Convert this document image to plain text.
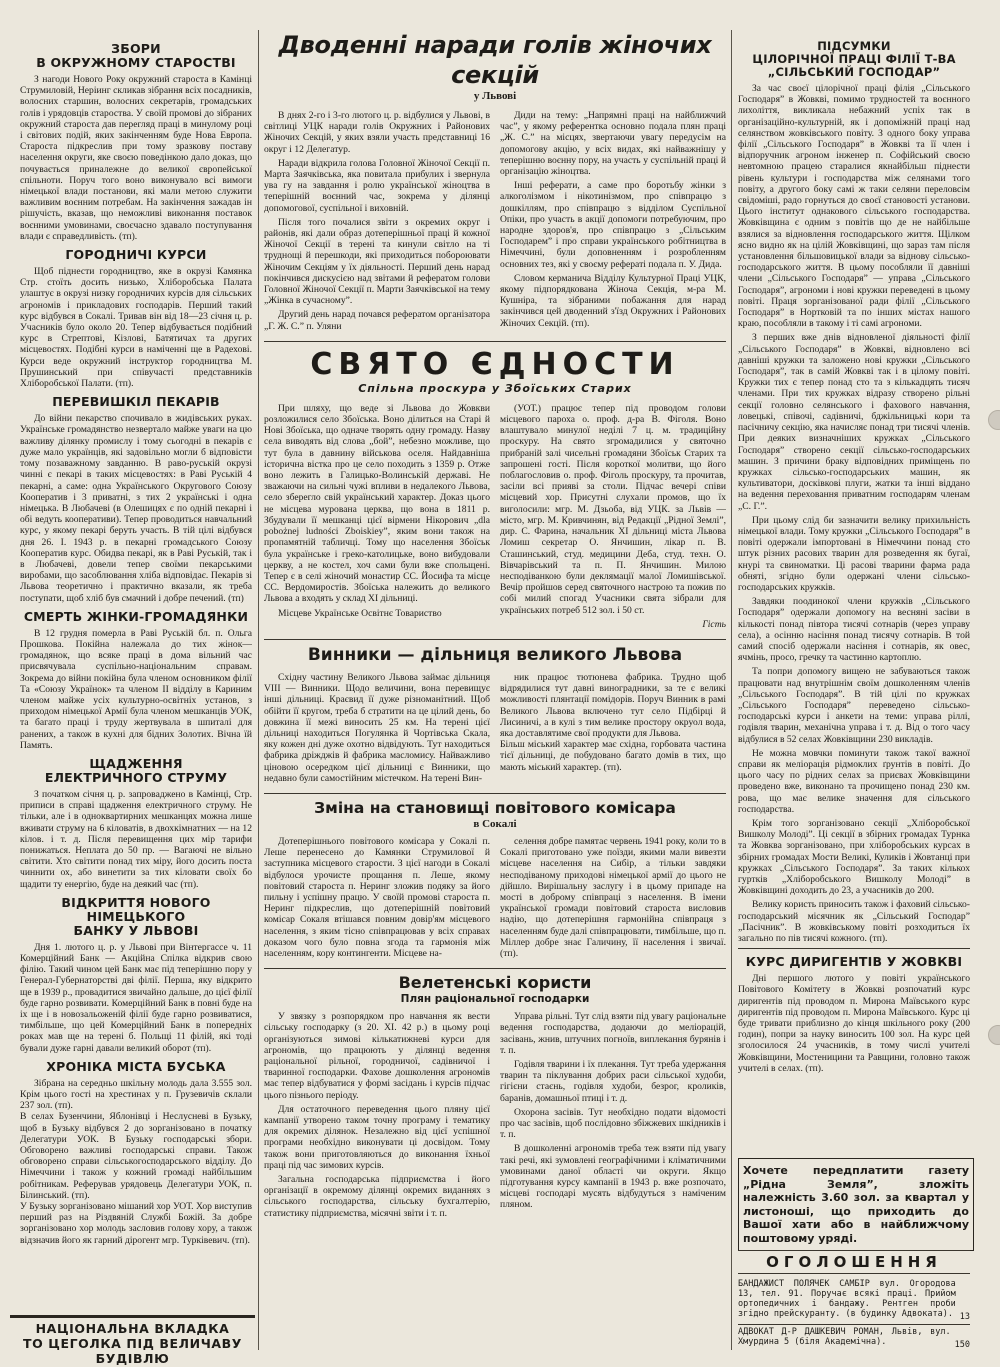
ЗБОРИ
В ОКРУЖНОМУ СТАРОСТВІ

З нагоди Нового Року окружний староста в Камінці Струмиловій, Неріинг скликав зібрання всіх посадників, волосних старшин, волосних секретарів, громадських голів і урядовців староства. У своїй промові до зібраних окружний староста дав перегляд праці в минулому році і світових подій, яких закінченням буде Нова Европа. Староста підкреслив при тому зразкову поставу населення округи, яке своєю поведінкою дало доказ, що почувається приналежне до великої європейської спільноти. Поруч того воно виконувало всі вимоги німецької влади постанови, які мали метою служити важливим воєнним потребам. На закінчення зажадав ін рішучість, вказав, що неможливі виконання поставок воєнними умовинами, своєчасно здавало поступування влади є справедливість. (тп).

ГОРОДНИЧІ КУРСИ

Щоб піднести городництво, яке в окрузі Камянка Стр. стоїть досить низько, Хліборобська Палата улаштує в окрузі низку городничих курсів для сільських агрономів і прикладових господарів. Перший такий курс відбувся в Сокалі. Тривав він від 18—23 січня ц. р. Учасників було около 20. Тепер відбувається подібний курс в Стрептові, Кізлові, Батятичах та других місцевостях. Подібні курси в наміченні ще в Радехові. Курси веде окружний інструктор городництва М. Прушинський при співучасті представників Хліборобської Палати. (тп).

ПЕРЕВИШКІЛ ПЕКАРІВ

До війни пекарство спочивало в жидівських руках. Українське громадянство незвертало майже уваги на цю важливу ділянку промислу і тому сьогодні в пекарів є дуже мало українців, які задовільно могли б відповісти тому позаважному завданню. В раво-руській окрузі чинні є пекарі в таких місцевостях: в Раві Руській 4 пекарні, а саме: одна Українського Округового Союзу Кооператив і 3 приватні, з тих 2 українські і одна німецька. В Любачеві (в Олешицях є по одній пекарні і обі ведуть кооперативи). Тепер проводиться навчальний курс, у якому пекарі беруть участь. В тій цілі відбувся дня 26. І. 1943 р. в пекарні громадського Союзу Кооператив курс. Обидва пекарі, як в Раві Руській, так і в Любачеві, довели тепер своїми пекарськими виробами, що засоблювання хліба відповідає. Пекарів зі Львова теоретично і практично вказали, як треба поступати, щоб хліб був смачний і добре печений. (тп)

СМЕРТЬ ЖІНКИ-ГРОМАДЯНКИ

В 12 грудня померла в Раві Руській бл. п. Ольга Прошкова. Покійна належала до тих жінок—громадянок, що всяке праці в дома вільний час присвячувала суспільно-національним справам. Зокрема до війни покійна була членом основником філії Та «Союзу Українок» та членом ІІ відділу в Кариним членом майже усіх культурно-освітніх установ, з приходом німецької Армії була членом мешканців УОК, та багато праці і труду жертвувала в шпиталі для ранених, а також в кухні для бідних Золотих. Вічна їй Память.

ЩАДЖЕННЯ
ЕЛЕКТРИЧНОГО СТРУМУ

З початком січня ц. р. запроваджено в Камінці, Стр. приписи в справі щадження електричного струму. Не тільки, але і в одноквартирних мешканцях можна лише вживати струму на 6 кіловатів, в двохкімнатних — на 12 кілов. і т. д. Після перевищення цих мір тарифи понижаться. Неплата до 50 пр. — Вагаючі не вільно світити. Хто світити понад тих міру, його досить поста чиннити ох, або винетити за тих кіловати своїх бо щадити ту енергію, буде на деякий час (тп).

ВІДКРИТТЯ НОВОГО НІМЕЦЬКОГО
БАНКУ У ЛЬВОВІ

Дня 1. лютого ц. р. у Львові при Вінтергассе ч. 11 Комерційний Банк — Акційна Спілка відкрив свою філію. Такий чином цей Банк має під теперішню пору у Генерал-Губернаторстві дві філії. Перша, яку відкрито ще в 1939 р., провадитися звичайно дальше, до цієї філії буде гарно розвивати. Комерційний Банк в повні буде на іх ще і в новозальоженій філії буде гарно розвиватися, тимбільше, що цей Комерційний Банк в попередніх роках мав ще на терені б. Польщі 11 філій, які тоді бували дуже гарні давали великий оборот (тп).

ХРОНІКА МІСТА БУСЬКА

Зібрана на середньо шкільну молодь дала 3.555 зол. Крім цього гості на хрестинах у п. Грузевичів склали 237 зол. (тп).
В селах Бузенчини, Яблонівці і Неслусневі в Бузьку, щоб в Бузьку відбувся 2 до зорганізовано в початку Делегатури УОК. В Бузьку господарські збори. Обговорено важливі господарські справи. Також обговорено справи сільськогосподарського відділу. До Німеччини і також у кожний громаді найбільшим робітникам. Реферував урядовець Делегатури УОК, п. Білинський. (тп).
У Бузьку зорганізовано мішаний хор УОТ. Хор виступив перший раз на Різдвяній Службі Божій. За добре зорганізовано хор молодь засловив голову хору, а також відзначив його як гарний дірогент мгр. Турківевич. (тп).

НАЦІОНАЛЬНА ВКЛАДКА
ТО ЦЕГОЛКА ПІД ВЕЛИЧАВУ БУДІВЛЮ
Дводенні наради голів жіночих секцій
у Львові

В днях 2-го і 3-го лютого ц. р. відбулися у Львові, в світлиці УЦК наради голів Окружних і Районових Жіночих Секцій, у яких взяли участь представниці 16 округ і 12 Делегатур.

Наради відкрила голова Головної Жіночої Секції п. Марта Заячківська, яка повитала прибулих і звернула ува гу на завдання і ролю української жіноцтва в теперішній воєнний час, зокрема у ділянці допомогової, суспільної і виховній.

Після того почалися звіти з окремих округ і районів, які дали образ дотеперішньої праці й кожної Жіночої Секції в терені та кинули світло на ті труднощі й перешкоди, які приходиться побороювати Жіночим Секціям у їх діяльності. Перший день нарад покінчився дискусією над звітами й рефератом голови Головної Жіночої Секції п. Марти Заячківської на тему „Жінка в сучасному”.

Другий день нарад почався рефератом організатора „Г. Ж. С.” п. Уляни

Диди на тему: „Напрямні праці на найближчий час”, у якому референтка основно подала плян праці „Ж. С.” на місцях, звертаючи увагу передусім на допомогову акцію, у всіх видах, які найважнішу у теперішню воєнну пору, на участь у суспільній праці й організацію жіноцтва.

Інші реферати, а саме про боротьбу жінки з алкоголізмом і нікотинізмом, про співпрацю з дошкіллям, про співпрацю з відділом Суспільної Опіки, про участь в акції допомоги потребуючим, про народне здоров'я, про співпрацю з „Сільським Господарем” і про справи українського робітництва в Німеччині, були доповненням і розробленням основних тез, які у своєму рефераті подала п. У. Дида.

Словом керманича Відділу Культурної Праці УЦК, якому підпорядкована Жіноча Секція, м-ра М. Кушніра, та зібраними побажання для нарад закінчився цей дводенний з'їзд Окружних і Районових Жіночих Секцій. (тп).

СВЯТО ЄДНОСТИ
Спільна проскура у Збоїських Старих

При шляху, що веде зі Львова до Жовкви розложилися село Збоїська. Воно ділиться на Старі й Нові Збоїська, що одначе творять одну громаду. Назву села виводять від слова „бой”, небезно можливе, що тут була в давнину військова оселя. Найдавніша історична вістка про це село походить з 1359 р. Отже воно лежить в Галицько-Волинській державі. Не зважаючи на сильні чужі впливи в недалекого Львова, село зберегло свій український характер. Доказ цього не місцева мурована церква, що вона в 1811 р. Збудували її мешканці цієї вірмени Нікорович „dla pobożnej ludności Zboiskiey”, яким вони також на пропамятній табличці. Тому що населення Збоїськ була українське і греко-католицьке, воно вибудовали церкву, а не костел, хоч сами були вже спольщені. Тепер є в селі жіночий монастир СС. Йосифа та місце СС. Вердомиростів. Збоїська належить до великого Львова а входять у склад ХІ дільниці.

Місцеве Українське Освітнє Товариство

(УОТ.) працює тепер під проводом голови місцевого пароха о. проф. д-ра В. Фіголя. Воно влаштувало минулої неділі 7 ц. м. традиційну проскуру. На свято згромадилися у святочно прибраній залі чисельні громадяни Збоїськ Старих та запрошені гості. Після короткої молитви, що його поблагословив о. проф. Фіголь проскуру, та прочитав, засіли всі прияві за столи. Підчас вечері співи місцевий хор. Присутні слухали промов, що їх виголосили: мгр. М. Дзьоба, від УЦК. за Львів — місто, мгр. М. Кривчинян, від Редакції „Рідної Землі”, дир. С. Фарина, начальник ХІ дільниці міста Львова Ломиш секретар О. Янчишин, лікар п. В. Сташинський, студ. медицини Деба, студ. техн. О. Вівчарівський та п. П. Янчишин. Милою несподіванкою були деклямації малої Ломишівської. Вечір пройшов серед святочного настрою та пожив по собі милий спогад Учасники свята зібрали для українських потреб 512 зол. і 50 ст.

Гість

Винники — дільниця великого Львова

Східну частину Великого Львова займає дільниця VIII — Винники. Щодо величини, вона перевищує інші дільниці. Краєвид її дуже різноманітний. Щоб обійти її кругом, треба б стратити на це цілий день, бо довжина її межі виносить 25 км. На терені цієї дільниці находиться Погулянка й Чортівська Скала, яку кожен дні дуже охотно відвідують. Тут находиться фабрика дріжджів й фабрика масломису. Найважливо ціновою осередком цієї дільниці є Винники, що недавно були самостійним містечком. На терені Вин-

ник працює тютюнева фабрика. Трудно щоб відрядилися тут давні виноградники, за те є великі можливості плянтації помідорів. Поруч Винник в рамі Великого Львова включено тут село Підбірці й Лисиничі, а в кулі з тим велике простору окруол вода, яка доставлятиме свої продукти для Львова.
Більш міський характер має східна, горбоватa частина тієї дільниці, де побудовано багато домів в тих, що мають міський характер. (тп).

Зміна на становищі повітового комісара
в Сокалі

Дотеперішнього повітового комісара у Сокалі п. Леше перенесено до Камянки Струмилової й заступника місцевого старости. З цієї нагоди в Сокалі відбулося урочисте прощання п. Леше, якому повітовий староста п. Неринг зложив подяку за його пильну і успішну працю. У своїй промові староста п. Неринг підкреслив, що дотеперішній повітовий комісар Сокаля втішався повним довір'ям місцевого населення, з яким тісно співпрацював у всіх справах доказом чого було повна згода та гармонія між населенням, кору контингенти. Місцеве на-

селення добре памятає червень 1941 року, коли то в Сокалі приготовано уже поїзди, якими мали вивезти місцеве населення на Сибір, а тільки завдяки несподіваному приходові німецької армії до цього не дійшло. Вирішальну заслугу і в цьому припаде на мості в доброму співпраці з населення. В імени української громади повітовий староста висловив надію, що дотеперішня гармонійна співпраця з населенням буде далі співпрацювати, тимбільше, що п. Міллер добре знає Галичину, її населення і звичаї. (тп).

Велетенські користи
Плян раціональної господарки

У звязку з розпорядком про навчання як вести сільську господарку (з 20. ХІ. 42 р.) в цьому році організуються зимові кількатижневі курси для агрономів, що працюють у ділянці ведення раціональної рільної, городничої, садівничої і тваринної господарки. Фахове дошколення агрономів має тепер відбуватися у формі засідань і курсів підчас цього пізнього періоду.

Для остаточного переведення цього пляну цієї кампанії утворено таком точну програму і тематику для окремих ділянок. Незалежно від цієї успішної програми необхідно виконувати ці досвідом. Тому також вони приготовляються до виконання їхньої праці під час зимових курсів.

Загальна господарська підприємства і його організації в окремому ділянці окремих виданнях з сільського господарства, сільську бухгалтерію, статистику підприємства, місячні звіти і т. п.

Управа рільні. Тут слід взяти під увагу раціональне ведення господарства, додаючи до меліорацій, засівань, жнив, штучних погноїв, виплекання бурянів і т. п.

Годівля тварини і їх плекання. Тут треба удержання тварин та піклування добрих раси сільської худоби, гігієни стаєнь, годівля худоби, безрог, кроликів, баранів, домашньої птиці і т. д.

Охорона засівів. Тут необхідно подати відомості про час засівів, щоб послідовно збіжжевих шкідників і т. п.

В дошколенні агрономів треба теж взяти під увагу такі речі, які зумовлені географічними і кліматичними умовинами даної області чи округи. Якщо підготування курсу кампанії в 1943 р. вже розпочато, місцеві господарі мусять відбудуться з наміченим пляном.

ПІДСУМКИ
ЦІЛОРІЧНОЇ ПРАЦІ ФІЛІЇ Т-ВА
„СІЛЬСЬКИЙ ГОСПОДАР”

За час своєї цілорічної праці філія „Сільського Господаря” в Жовкві, помимо трудностей та воєнного лихоліття, викликала небажний успіх так в організаційно-культурній, як і допоміжній праці над селянством жовківського повіту. З одного боку управа філії „Сільського Господаря” в Жовкві та її член і відпоручник агроном інженер п. Софійський своєю невтомною працею старалися якнайбільш піднести рівень культури і господарства між селянами того повіту, а другого боку самі ж таки селяни переловсім свідоміші, радо горнуться до своєї становості установи. Цього інститут однакового сільського господарства. Жовківщина є одним з повітів що де не найбільше взялися за відновлення господарського життя. Щілком ясно видно як на цілій Жовківщині, що зараз там після установлення більшовицької влади за віднову сільсько-господарського життя. В цьому пособляли її давніші члени „Сільського Господаря” — управа „Сільського Господаря”, агрономи і нові кружки переведені в цьому повіті. Праця зорганізованої ради філії „Сільського Господаря” в Нортковій та по інших містах нашого краю, пособляли в такому і ті самі агрономи.

З перших вже днів відновленої діяльності філії „Сільського Господаря” в Жовкві, відновлено всі давніші кружки та заложено нові кружки „Сільського Господаря”, так в самій Жовкві так і в цілому повіті. Кружки тих є тепер понад сто та з кількадцять тисяч членами. При тих кружках відразу створено рільні секції головно селянського і фахового навчання, ловецькі, співочі, садівничі, бджільницькі кори та пасічничу секцію, яка начисляє понад три тисячі членів. При деяких визначніших кружках „Сільського Господаря” створено секції сільсько-господарських машин. З причини браку відповідних приміщень по кружках сільсько-господарських машин, як культиватори, досківкові плуги, жатки та інші віддано на ведення переховання приватним господарям членам „С. Г.”.

При цьому слід би зазначити велику прихильність німецької влади. Тому кружки „Сільського Господаря” в повіті одержали імпортовані в Німеччини понад сто штук різних расових тварин для розведення як бугаї, кнурі та свиноматки. Ці расові тварини фарма рада обняті, згідно були одержані члени сільсько-господарських кружків.

Завдяки поодинокої члени кружків „Сільського Господаря” одержали допомогу на весняні засіви в кількості понад півтора тисячі сотнарів (через управу села), а осінню насіння понад тисячу сотнарів. В той самий спосіб одержали насіння і сотнарів, як овес, ячмінь, просо, гречку та частинно картоплю.

Та попри допомогу вищею не забуваються також працювати над внутрішнім своїм дошколенням членів „Сільського Господаря”. В тій цілі по кружках „Сільського Господаря” переведено сільсько-господарські курси і анкети на теми: управа ріллі, годівля тварин, механічна управа і т. д. Від о того часу відбулися в 52 селах Жовківщини 230 викладів.

Не можна мовчки поминути також такої важної справи як меліорація рідмоклих ґрунтів в повіті. До цього часу по рідних селах за приєвах Жовківщини проведено вже, виконано та прочищено понад 230 км. рова, що має велике значення для сільського господарства.

Крім того зорганізовано секції „Хліборобської Вишколу Молоді”. Ці секції в збірних громадах Турнка та Жовква зорганізовано, при хліборобських курсах в збірних громадах Мости Великі, Куликів і Жовтанці при кружках „Сільського Господаря”. За таких кількох гуртків „Хліборобського Вишколу Молоді” в Жовківщині доходить до 23, а учасників до 200.

Велику користь приносить також і фаховий сільсько-господарський місячник як „Сільський Господар” „Пасічник”. В жовківському повіті розходиться їх загально по пів тисячі кожного. (тп).

КУРС ДИРИГЕНТІВ У ЖОВКВІ

Дні першого лютого у повіті українського Повітового Комітету в Жовкві розпочатий курс диригентів під проводом п. Мирона Маївського курс диригентів під проводом п. Мирона Маївського. Курс ці буде тривати приблизно до кінця шкільного року (200 годин), попри за науку виносить 100 зол. На курс цей зголосилося 24 учасників, в тому числі учителі Жовківщини, Мостеницини та Равщини, головно також учителі в селах. (тп).

Хочете передплатити газету „Рідна Земля”, зложіть належність 3.60 зол. за квартал у листоноші, що приходить до Вашої хати або в найближчому поштовому уряді.
ОГОЛОШЕННЯ

БАНДАЖИСТ ПОЛЯЧЕК САМБІР вул. Огородова 13, тел. 91. Поручає всякі праці. Прийом ортопедичних і бандажу. Рентген проби згідно прейскуранту. (в будинку Адвоката). 13

АДВОКАТ Д-Р ДАШКЕВИЧ РОМАН, Львів, вул. Хмурдина 5 (біля Академічна).	150
